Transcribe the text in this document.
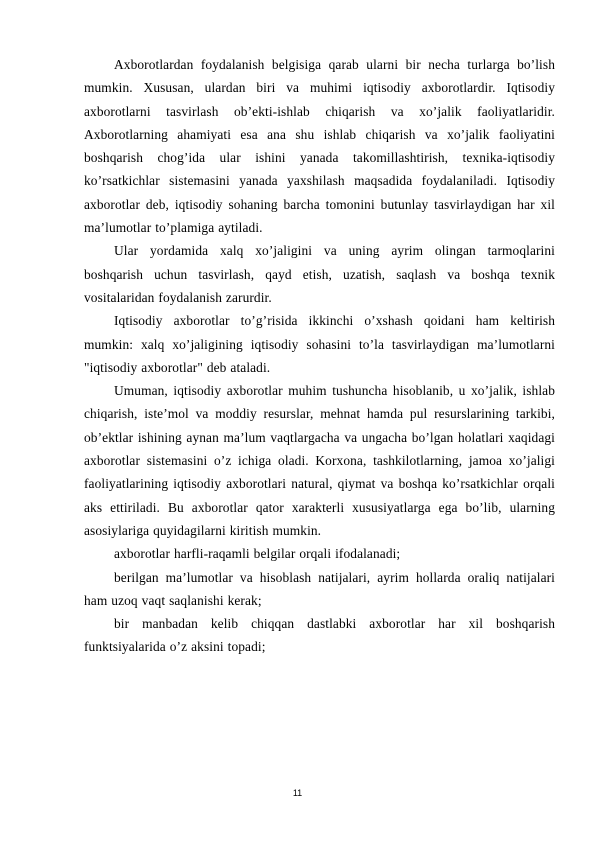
Axborotlardan foydalanish belgisiga qarab ularni bir necha turlarga bo’lish mumkin. Xususan, ulardan biri va muhimi iqtisodiy axborotlardir. Iqtisodiy axborotlarni tasvirlash ob’ekti-ishlab chiqarish va xo’jalik faoliyatlaridir. Axborotlarning ahamiyati esa ana shu ishlab chiqarish va xo’jalik faoliyatini boshqarish chog’ida ular ishini yanada takomillashtirish, texnika-iqtisodiy ko’rsatkichlar sistemasini yanada yaxshilash maqsadida foydalaniladi. Iqtisodiy axborotlar deb, iqtisodiy sohaning barcha tomonini butunlay tasvirlaydigan har xil ma’lumotlar to’plamiga aytiladi.

Ular yordamida xalq xo’jaligini va uning ayrim olingan tarmoqlarini boshqarish uchun tasvirlash, qayd etish, uzatish, saqlash va boshqa texnik vositalaridan foydalanish zarurdir.

Iqtisodiy axborotlar to’g’risida ikkinchi o’xshash qoidani ham keltirish mumkin: xalq xo’jaligining iqtisodiy sohasini to’la tasvirlaydigan ma’lumotlarni "iqtisodiy axborotlar" deb ataladi.

Umuman, iqtisodiy axborotlar muhim tushuncha hisoblanib, u xo’jalik, ishlab chiqarish, iste’mol va moddiy resurslar, mehnat hamda pul resurslarining tarkibi, ob’ektlar ishining aynan ma’lum vaqtlargacha va ungacha bo’lgan holatlari xaqidagi axborotlar sistemasini o’z ichiga oladi. Korxona, tashkilotlarning, jamoa xo’jaligi faoliyatlarining iqtisodiy axborotlari natural, qiymat va boshqa ko’rsatkichlar orqali aks ettiriladi. Bu axborotlar qator xarakterli xususiyatlarga ega bo’lib, ularning asosiylariga quyidagilarni kiritish mumkin.

axborotlar harfli-raqamli belgilar orqali ifodalanadi;

berilgan ma’lumotlar va hisoblash natijalari, ayrim hollarda oraliq natijalari ham uzoq vaqt saqlanishi kerak;

bir manbadan kelib chiqqan dastlabki axborotlar har xil boshqarish funktsiyalarida o’z aksini topadi;

11
